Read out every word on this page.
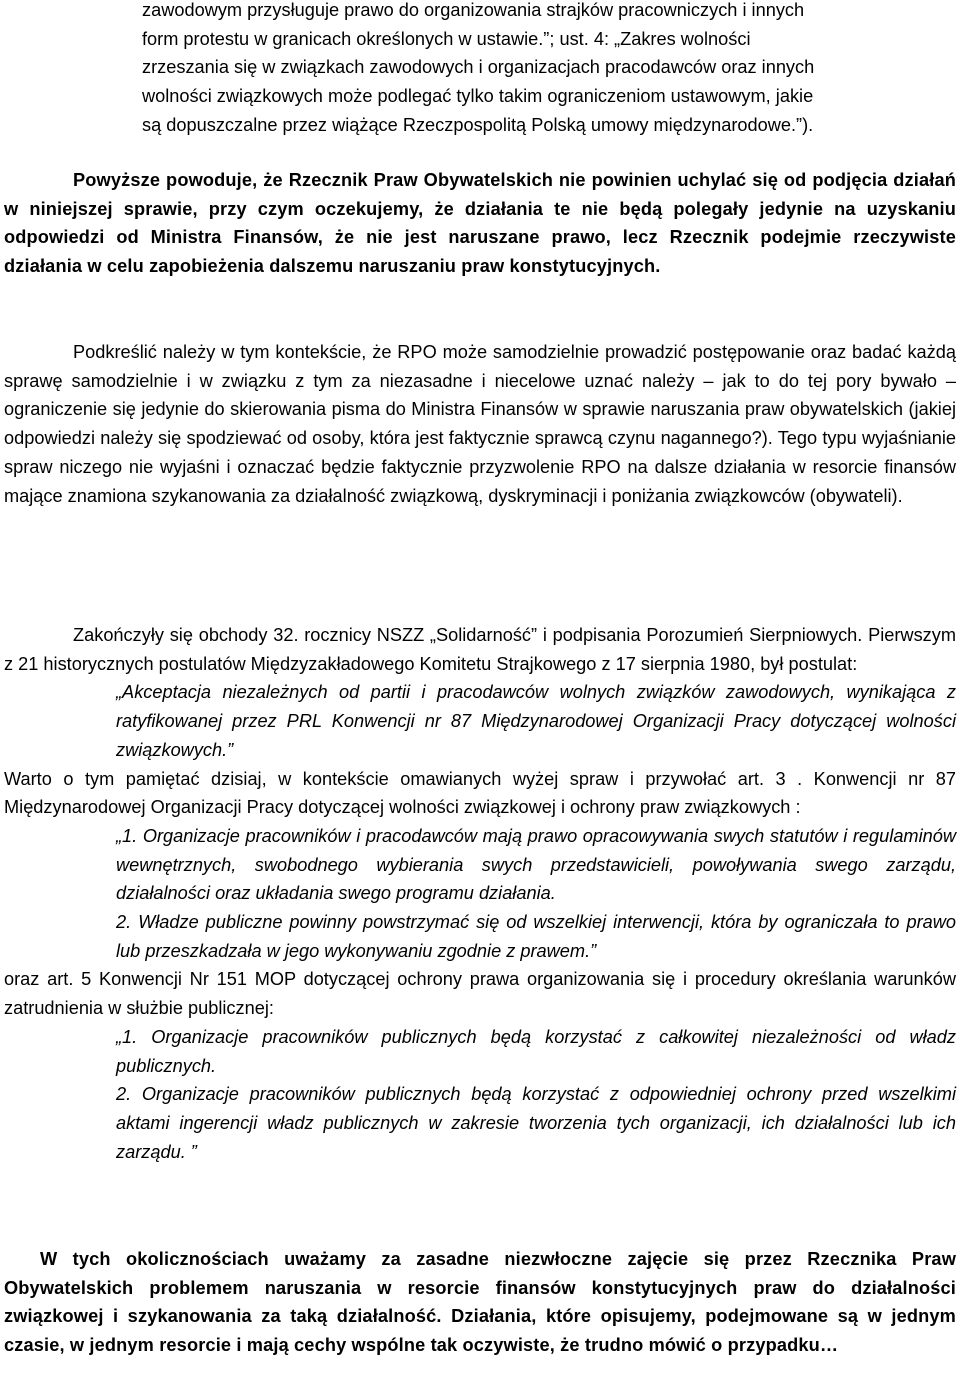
zawodowym przysługuje prawo do organizowania strajków pracowniczych i innych
form protestu w granicach określonych w ustawie.”; ust. 4: „Zakres wolności
zrzeszania się w związkach zawodowych i organizacjach pracodawców oraz innych
wolności związkowych może podlegać tylko takim ograniczeniom ustawowym, jakie
są dopuszczalne przez wiążące Rzeczpospolitą Polską umowy międzynarodowe.”).

Powyższe powoduje, że Rzecznik Praw Obywatelskich nie powinien uchylać się od podjęcia działań w niniejszej sprawie, przy czym oczekujemy, że działania te nie będą polegały jedynie na uzyskaniu odpowiedzi od Ministra Finansów, że nie jest naruszane prawo, lecz Rzecznik podejmie rzeczywiste działania w celu zapobieżenia dalszemu naruszaniu praw konstytucyjnych.

Podkreślić należy w tym kontekście, że RPO może samodzielnie prowadzić postępowanie oraz badać każdą sprawę samodzielnie i w związku z tym za niezasadne i niecelowe uznać należy – jak to do tej pory bywało – ograniczenie się jedynie do skierowania pisma do Ministra Finansów w sprawie naruszania praw obywatelskich (jakiej odpowiedzi należy się spodziewać od osoby, która jest faktycznie sprawcą czynu nagannego?). Tego typu wyjaśnianie spraw niczego nie wyjaśni i oznaczać będzie faktycznie przyzwolenie RPO na dalsze działania w resorcie finansów mające znamiona szykanowania za działalność związkową, dyskryminacji i poniżania związkowców (obywateli).

Zakończyły się obchody 32. rocznicy NSZZ „Solidarność” i podpisania Porozumień Sierpniowych. Pierwszym z 21 historycznych postulatów Międzyzakładowego Komitetu Strajkowego z 17 sierpnia 1980, był postulat:

„Akceptacja niezależnych od partii i pracodawców wolnych związków zawodowych, wynikająca z ratyfikowanej przez PRL Konwencji nr 87 Międzynarodowej Organizacji Pracy dotyczącej wolności związkowych.”

Warto o tym pamiętać dzisiaj, w kontekście omawianych wyżej spraw i przywołać art. 3 . Konwencji nr 87 Międzynarodowej Organizacji Pracy dotyczącej wolności związkowej i ochrony praw związkowych :

„1. Organizacje pracowników i pracodawców mają prawo opracowywania swych statutów i regulaminów wewnętrznych, swobodnego wybierania swych przedstawicieli, powoływania swego zarządu, działalności oraz układania swego programu działania.

2. Władze publiczne powinny powstrzymać się od wszelkiej interwencji, która by ograniczała to prawo lub przeszkadzała w jego wykonywaniu zgodnie z prawem.”

oraz art. 5 Konwencji Nr 151 MOP dotyczącej ochrony prawa organizowania się i procedury określania warunków zatrudnienia w służbie publicznej:

„1. Organizacje pracowników publicznych będą korzystać z całkowitej niezależności od władz publicznych.

2. Organizacje pracowników publicznych będą korzystać z odpowiedniej ochrony przed wszelkimi aktami ingerencji władz publicznych w zakresie tworzenia tych organizacji, ich działalności lub ich zarządu. ”

W tych okolicznościach uważamy za zasadne niezwłoczne zajęcie się przez Rzecznika Praw Obywatelskich problemem naruszania w resorcie finansów konstytucyjnych praw do działalności związkowej i szykanowania za taką działalność. Działania, które opisujemy, podejmowane są w jednym czasie, w jednym resorcie i mają cechy wspólne tak oczywiste, że trudno mówić o przypadku…
